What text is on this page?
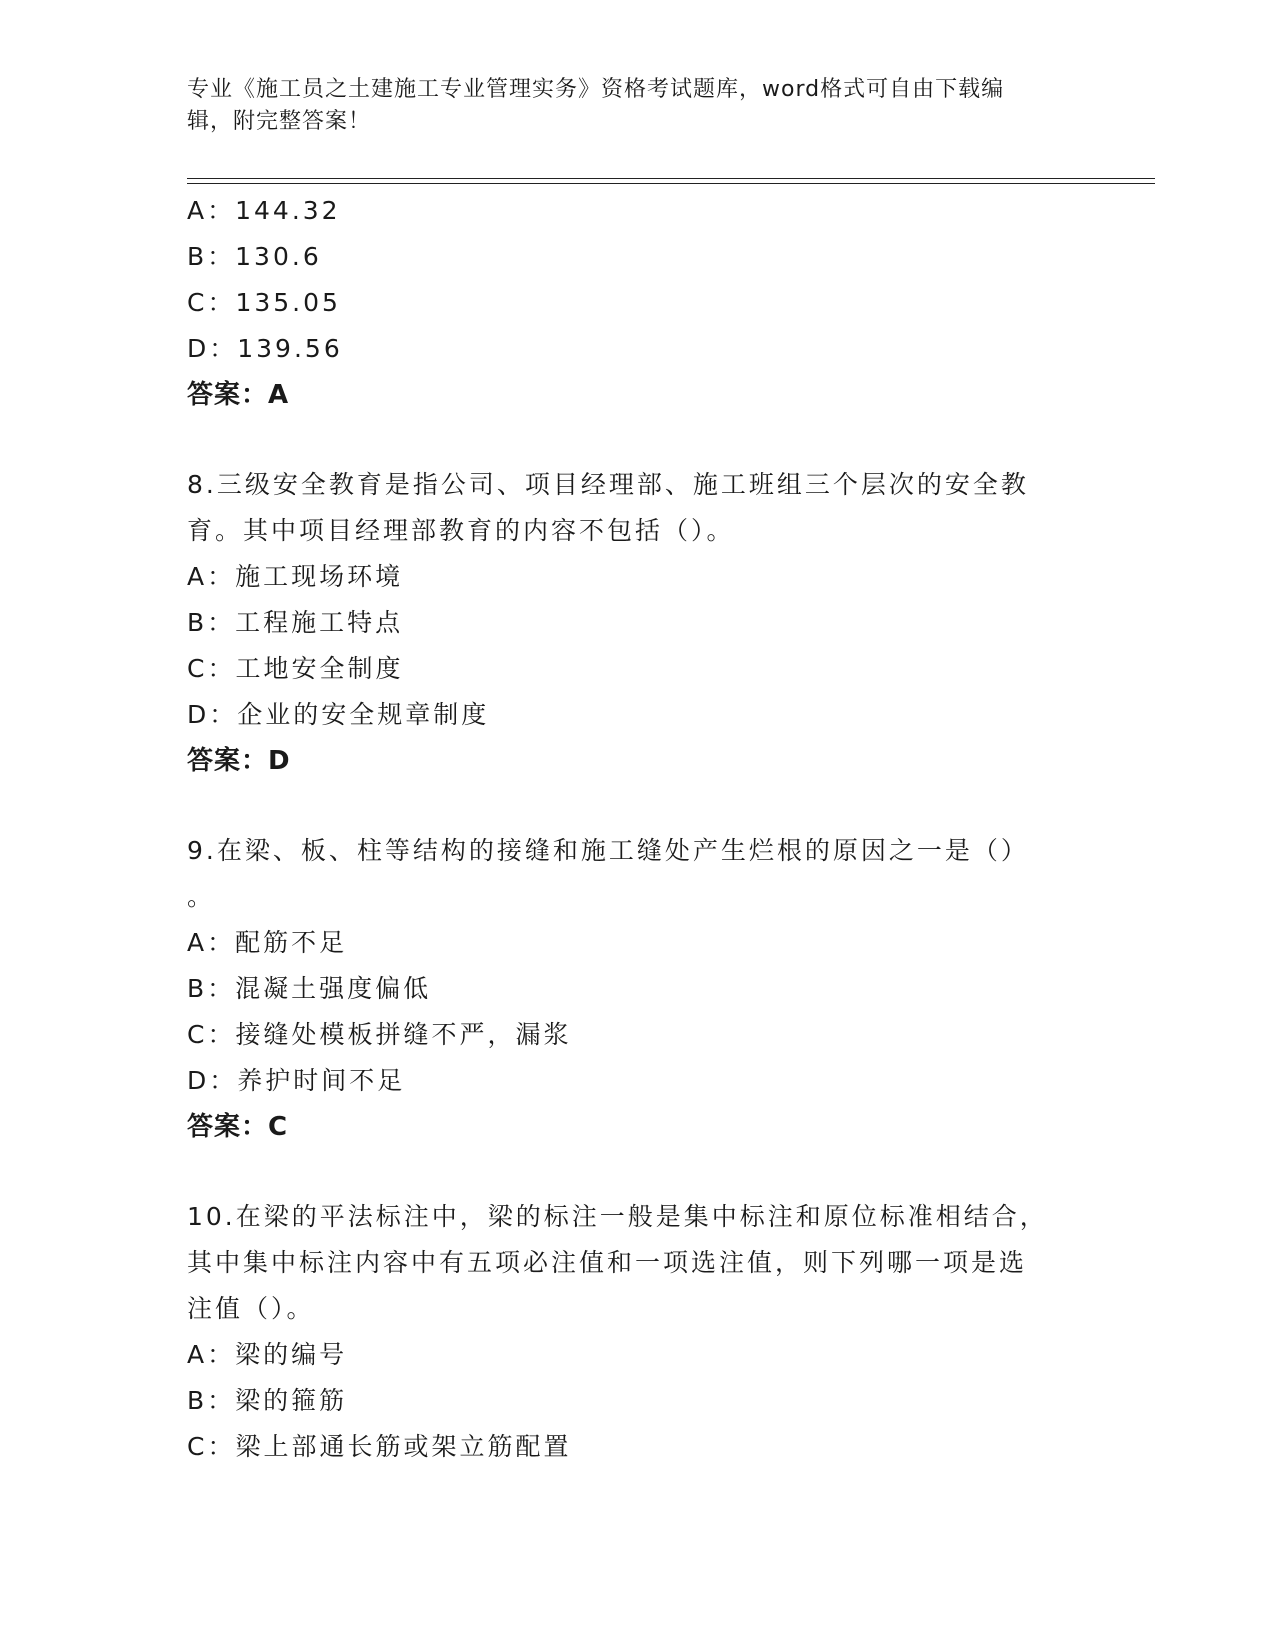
专业《施工员之土建施工专业管理实务》资格考试题库，word格式可自由下载编
辑，附完整答案！
A：144.32
B：130.6
C：135.05
D：139.56
答案：A
8.三级安全教育是指公司、项目经理部、施工班组三个层次的安全教
育。其中项目经理部教育的内容不包括（）。
A：施工现场环境
B：工程施工特点
C：工地安全制度
D：企业的安全规章制度
答案：D
9.在梁、板、柱等结构的接缝和施工缝处产生烂根的原因之一是（）
。
A：配筋不足
B：混凝土强度偏低
C：接缝处模板拼缝不严，漏浆
D：养护时间不足
答案：C
10.在梁的平法标注中，梁的标注一般是集中标注和原位标准相结合，
其中集中标注内容中有五项必注值和一项选注值，则下列哪一项是选
注值（）。
A：梁的编号
B：梁的箍筋
C：梁上部通长筋或架立筋配置
